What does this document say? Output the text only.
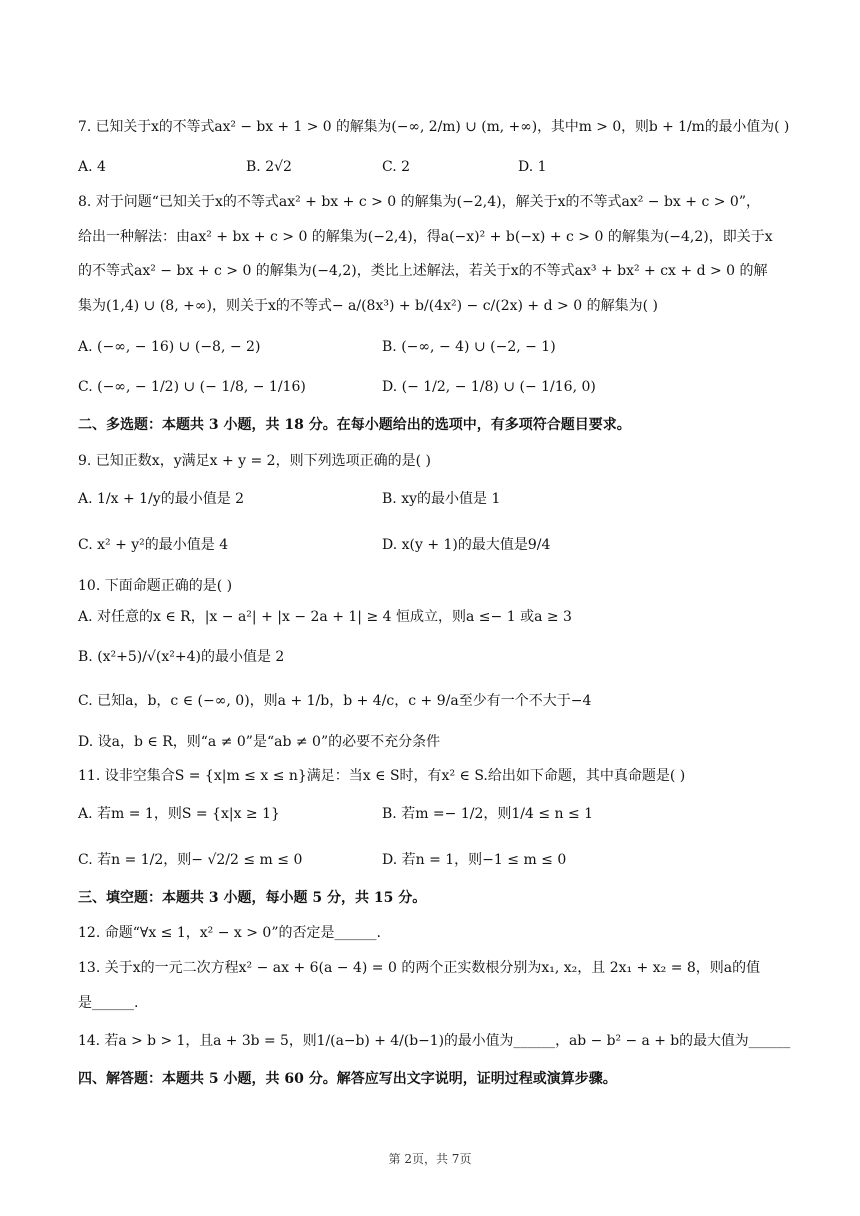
7. 已知关于x的不等式ax² − bx + 1 > 0 的解集为(−∞, 2/m) ∪ (m, +∞)，其中m > 0，则b + 1/m的最小值为( )
A. 4	B. 2√2	C. 2	D. 1
8. 对于问题“已知关于x的不等式ax² + bx + c > 0 的解集为(−2,4)，解关于x的不等式ax² − bx + c > 0”，
给出一种解法：由ax² + bx + c > 0 的解集为(−2,4)，得a(−x)² + b(−x) + c > 0 的解集为(−4,2)，即关于x
的不等式ax² − bx + c > 0 的解集为(−4,2)，类比上述解法，若关于x的不等式ax³ + bx² + cx + d > 0 的解
集为(1,4) ∪ (8, +∞)，则关于x的不等式− a/(8x³) + b/(4x²) − c/(2x) + d > 0 的解集为( )
A. (−∞, − 16) ∪ (−8, − 2)	B. (−∞, − 4) ∪ (−2, − 1)
C. (−∞, − 1/2) ∪ (− 1/8, − 1/16)	D. (− 1/2, − 1/8) ∪ (− 1/16, 0)
二、多选题：本题共 3 小题，共 18 分。在每小题给出的选项中，有多项符合题目要求。
9. 已知正数x，y满足x + y = 2，则下列选项正确的是( )
A. 1/x + 1/y的最小值是 2	B. xy的最小值是 1
C. x² + y²的最小值是 4	D. x(y + 1)的最大值是9/4
10. 下面命题正确的是( )
A. 对任意的x ∈ R，|x − a²| + |x − 2a + 1| ≥ 4 恒成立，则a ≤− 1 或a ≥ 3
B. (x²+5)/√(x²+4)的最小值是 2
C. 已知a，b，c ∈ (−∞, 0)，则a + 1/b，b + 4/c，c + 9/a至少有一个不大于−4
D. 设a，b ∈ R，则“a ≠ 0”是“ab ≠ 0”的必要不充分条件
11. 设非空集合S = {x|m ≤ x ≤ n}满足：当x ∈ S时，有x² ∈ S.给出如下命题，其中真命题是( )
A. 若m = 1，则S = {x|x ≥ 1}	B. 若m =− 1/2，则1/4 ≤ n ≤ 1
C. 若n = 1/2，则− √2/2 ≤ m ≤ 0	D. 若n = 1，则−1 ≤ m ≤ 0
三、填空题：本题共 3 小题，每小题 5 分，共 15 分。
12. 命题“∀x ≤ 1，x² − x > 0”的否定是______.
13. 关于x的一元二次方程x² − ax + 6(a − 4) = 0 的两个正实数根分别为x₁, x₂，且 2x₁ + x₂ = 8，则a的值
是______.
14. 若a > b > 1，且a + 3b = 5，则1/(a−b) + 4/(b−1)的最小值为______，ab − b² − a + b的最大值为______
四、解答题：本题共 5 小题，共 60 分。解答应写出文字说明，证明过程或演算步骤。
第 2页，共 7页
